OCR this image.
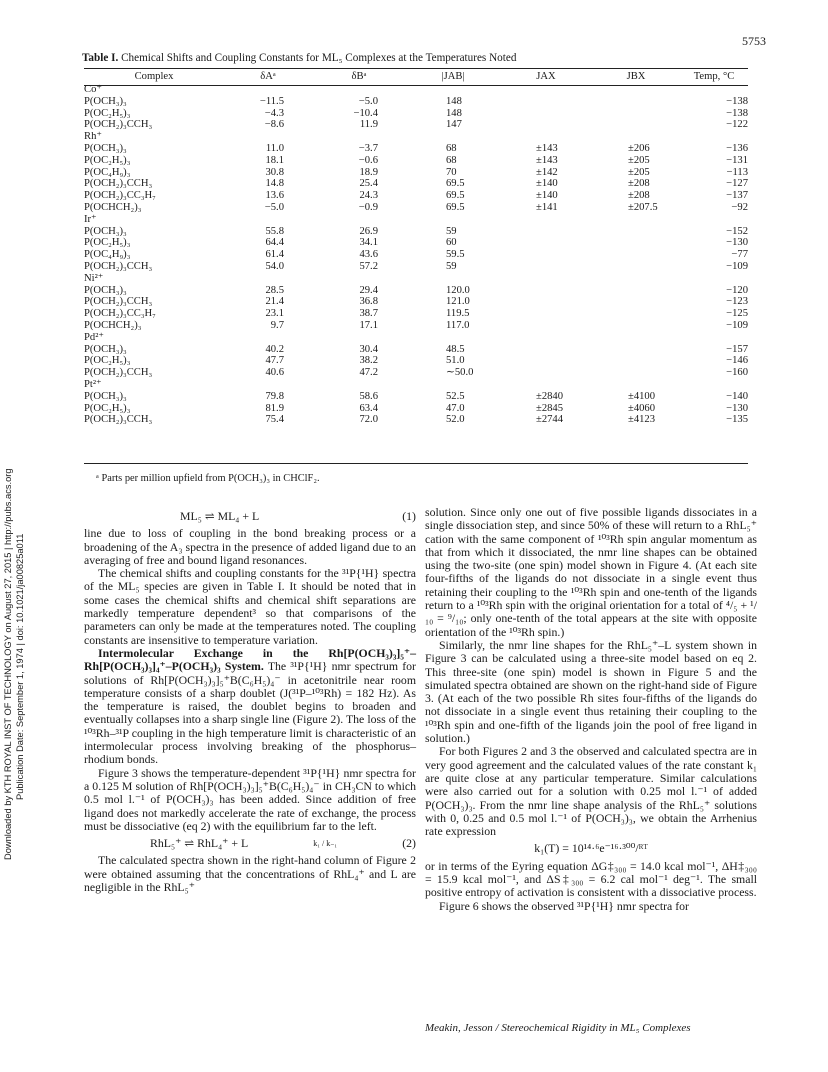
5753
Downloaded by KTH ROYAL INST OF TECHNOLOGY on August 27, 2015 | http://pubs.acs.org Publication Date: September 1, 1974 | doi: 10.1021/ja00825a011
Table I. Chemical Shifts and Coupling Constants for ML₅ Complexes at the Temperatures Noted
Complex	δAᵃ	δBᵃ	|JAB|	JAX	JBX	Temp, °C
Co⁺						
P(OCH₃)₃	−11.5	−5.0	148			−138
P(OC₂H₅)₃	−4.3	−10.4	148			−138
P(OCH₂)₃CCH₃	−8.6	11.9	147			−122
Rh⁺						
P(OCH₃)₃	11.0	−3.7	68	±143	±206	−136
P(OC₂H₅)₃	18.1	−0.6	68	±143	±205	−131
P(OC₄H₉)₃	30.8	18.9	70	±142	±205	−113
P(OCH₂)₃CCH₃	14.8	25.4	69.5	±140	±208	−127
P(OCH₂)₃CC₃H₇	13.6	24.3	69.5	±140	±208	−137
P(OCHCH₂)₃	−5.0	−0.9	69.5	±141	±207.5	−92
Ir⁺						
P(OCH₃)₃	55.8	26.9	59			−152
P(OC₂H₅)₃	64.4	34.1	60			−130
P(OC₄H₉)₃	61.4	43.6	59.5			−77
P(OCH₂)₃CCH₃	54.0	57.2	59			−109
Ni²⁺						
P(OCH₃)₃	28.5	29.4	120.0			−120
P(OCH₂)₃CCH₃	21.4	36.8	121.0			−123
P(OCH₂)₃CC₃H₇	23.1	38.7	119.5			−125
P(OCHCH₂)₃	9.7	17.1	117.0			−109
Pd²⁺						
P(OCH₃)₃	40.2	30.4	48.5			−157
P(OC₂H₅)₃	47.7	38.2	51.0			−146
P(OCH₂)₃CCH₃	40.6	47.2	∼50.0			−160
Pt²⁺						
P(OCH₃)₃	79.8	58.6	52.5	±2840	±4100	−140
P(OC₂H₅)₃	81.9	63.4	47.0	±2845	±4060	−130
P(OCH₂)₃CCH₃	75.4	72.0	52.0	±2744	±4123	−135
ᵃ Parts per million upfield from P(OCH₃)₃ in CHClF₂.
ML₅ ⇌ ML₄ + L	(1)

line due to loss of coupling in the bond breaking process or a broadening of the A₃ spectra in the presence of added ligand due to an averaging of free and bound ligand resonances.

The chemical shifts and coupling constants for the ³¹P{¹H} spectra of the ML₅ species are given in Table I. It should be noted that in some cases the chemical shifts and chemical shift separations are markedly temperature dependent³ so that comparisons of the parameters can only be made at the temperatures noted. The coupling constants are insensitive to temperature variation.

Intermolecular Exchange in the Rh[P(OCH₃)₃]₅⁺–Rh[P(OCH₃)₃]₄⁺–P(OCH₃)₃ System. The ³¹P{¹H} nmr spectrum for solutions of Rh[P(OCH₃)₃]₅⁺B(C₆H₅)₄⁻ in acetonitrile near room temperature consists of a sharp doublet (J(³¹P–¹⁰³Rh) = 182 Hz). As the temperature is raised, the doublet begins to broaden and eventually collapses into a sharp single line (Figure 2). The loss of the ¹⁰³Rh–³¹P coupling in the high temperature limit is characteristic of an intermolecular process involving breaking of the phosphorus–rhodium bonds.

Figure 3 shows the temperature-dependent ³¹P{¹H} nmr spectra for a 0.125 M solution of Rh[P(OCH₃)₃]₅⁺B(C₆H₅)₄⁻ in CH₃CN to which 0.5 mol l.⁻¹ of P(OCH₃)₃ has been added. Since addition of free ligand does not markedly accelerate the rate of exchange, the process must be dissociative (eq 2) with the equilibrium far to the left.

RhL₅⁺ ⇌ RhL₄⁺ + L	k₁ / k₋₁	(2)

The calculated spectra shown in the right-hand column of Figure 2 were obtained assuming that the concentrations of RhL₄⁺ and L are negligible in the RhL₅⁺

solution. Since only one out of five possible ligands dissociates in a single dissociation step, and since 50% of these will return to a RhL₅⁺ cation with the same component of ¹⁰³Rh spin angular momentum as that from which it dissociated, the nmr line shapes can be obtained using the two-site (one spin) model shown in Figure 4. (At each site four-fifths of the ligands do not dissociate in a single event thus retaining their coupling to the ¹⁰³Rh spin and one-tenth of the ligands return to a ¹⁰³Rh spin with the original orientation for a total of ⁴/₅ + ¹/₁₀ = ⁹/₁₀; only one-tenth of the total appears at the site with opposite orientation of the ¹⁰³Rh spin.)

Similarly, the nmr line shapes for the RhL₅⁺–L system shown in Figure 3 can be calculated using a three-site model based on eq 2. This three-site (one spin) model is shown in Figure 5 and the simulated spectra obtained are shown on the right-hand side of Figure 3. (At each of the two possible Rh sites four-fifths of the ligands do not dissociate in a single event thus retaining their coupling to the ¹⁰³Rh spin and one-fifth of the ligands join the pool of free ligand in solution.)

For both Figures 2 and 3 the observed and calculated spectra are in very good agreement and the calculated values of the rate constant k₁ are quite close at any particular temperature. Similar calculations were also carried out for a solution with 0.25 mol l.⁻¹ of added P(OCH₃)₃. From the nmr line shape analysis of the RhL₅⁺ solutions with 0, 0.25 and 0.5 mol l.⁻¹ of P(OCH₃)₃, we obtain the Arrhenius rate expression

k₁(T) = 10¹⁴·⁶e⁻¹⁶·³⁰⁰/ᴿᵀ

or in terms of the Eyring equation ΔG‡₃₀₀ = 14.0 kcal mol⁻¹, ΔH‡₃₀₀ = 15.9 kcal mol⁻¹, and ΔS‡₃₀₀ = 6.2 cal mol⁻¹ deg⁻¹. The small positive entropy of activation is consistent with a dissociative process.

Figure 6 shows the observed ³¹P{¹H} nmr spectra for

Meakin, Jesson / Stereochemical Rigidity in ML₅ Complexes
